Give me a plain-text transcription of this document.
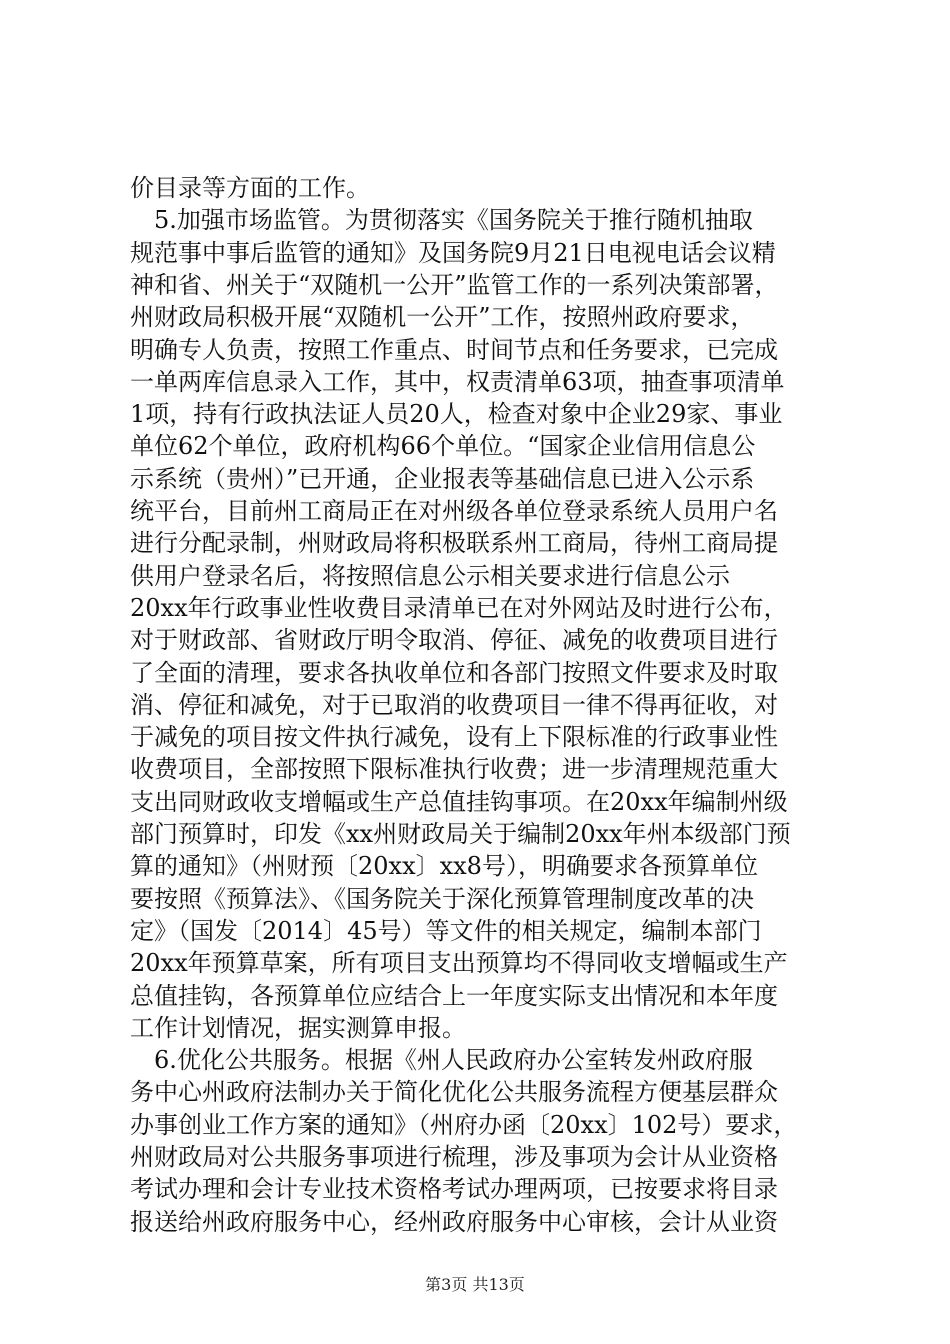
价目录等方面的工作。
　5.加强市场监管。为贯彻落实《国务院关于推行随机抽取
规范事中事后监管的通知》及国务院9月21日电视电话会议精
神和省、州关于“双随机一公开”监管工作的一系列决策部署，
州财政局积极开展“双随机一公开”工作，按照州政府要求，
明确专人负责，按照工作重点、时间节点和任务要求，已完成
一单两库信息录入工作，其中，权责清单63项，抽查事项清单
1项，持有行政执法证人员20人，检查对象中企业29家、事业
单位62个单位，政府机构66个单位。“国家企业信用信息公
示系统（贵州）”已开通，企业报表等基础信息已进入公示系
统平台，目前州工商局正在对州级各单位登录系统人员用户名
进行分配录制，州财政局将积极联系州工商局，待州工商局提
供用户登录名后，将按照信息公示相关要求进行信息公示
20xx年行政事业性收费目录清单已在对外网站及时进行公布，
对于财政部、省财政厅明令取消、停征、减免的收费项目进行
了全面的清理，要求各执收单位和各部门按照文件要求及时取
消、停征和减免，对于已取消的收费项目一律不得再征收，对
于减免的项目按文件执行减免，设有上下限标准的行政事业性
收费项目，全部按照下限标准执行收费；进一步清理规范重大
支出同财政收支增幅或生产总值挂钩事项。在20xx年编制州级
部门预算时，印发《xx州财政局关于编制20xx年州本级部门预
算的通知》（州财预〔20xx〕xx8号），明确要求各预算单位
要按照《预算法》、《国务院关于深化预算管理制度改革的决
定》（国发〔2014〕45号）等文件的相关规定，编制本部门
20xx年预算草案，所有项目支出预算均不得同收支增幅或生产
总值挂钩，各预算单位应结合上一年度实际支出情况和本年度
工作计划情况，据实测算申报。
　6.优化公共服务。根据《州人民政府办公室转发州政府服
务中心州政府法制办关于简化优化公共服务流程方便基层群众
办事创业工作方案的通知》（州府办函〔20xx〕102号）要求，
州财政局对公共服务事项进行梳理，涉及事项为会计从业资格
考试办理和会计专业技术资格考试办理两项，已按要求将目录
报送给州政府服务中心，经州政府服务中心审核，会计从业资
第3页 共13页
